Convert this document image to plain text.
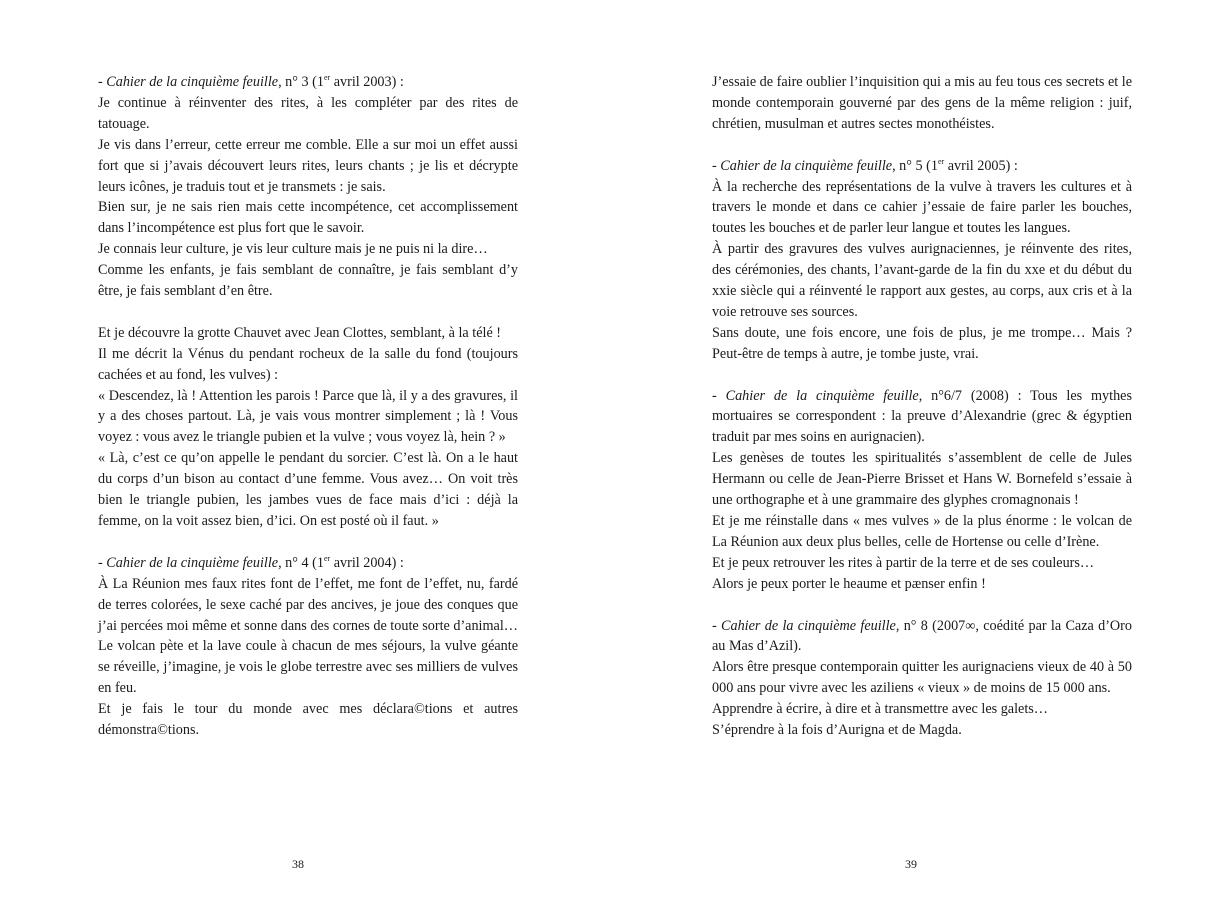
- Cahier de la cinquième feuille, n° 3 (1er avril 2003) :

Je continue à réinventer des rites, à les compléter par des rites de tatouage.

Je vis dans l’erreur, cette erreur me comble. Elle a sur moi un effet aussi fort que si j’avais découvert leurs rites, leurs chants ; je lis et décrypte leurs icônes, je traduis tout et je transmets : je sais.

Bien sur, je ne sais rien mais cette incompétence, cet accomplissement dans l’incompétence est plus fort que le savoir.

Je connais leur culture, je vis leur culture mais je ne puis ni la dire…

Comme les enfants, je fais semblant de connaître, je fais semblant d’y être, je fais semblant d’en être.

Et je découvre la grotte Chauvet avec Jean Clottes, semblant, à la télé !

Il me décrit la Vénus du pendant rocheux de la salle du fond (toujours cachées et au fond, les vulves) :

« Descendez, là ! Attention les parois ! Parce que là, il y a des gravures, il y a des choses partout. Là, je vais vous montrer simplement ; là ! Vous voyez : vous avez le triangle pubien et la vulve ; vous voyez là, hein ? »

« Là, c’est ce qu’on appelle le pendant du sorcier. C’est là. On a le haut du corps d’un bison au contact d’une femme. Vous avez… On voit très bien le triangle pubien, les jambes vues de face mais d’ici : déjà la femme, on la voit assez bien, d’ici. On est posté où il faut. »

- Cahier de la cinquième feuille, n° 4 (1er avril 2004) :

À La Réunion mes faux rites font de l’effet, me font de l’effet, nu, fardé de terres colorées, le sexe caché par des ancives, je joue des conques que j’ai percées moi même et sonne dans des cornes de toute sorte d’animal…

Le volcan pète et la lave coule à chacun de mes séjours, la vulve géante se réveille, j’imagine, je vois le globe terrestre avec ses milliers de vulves en feu.

Et je fais le tour du monde avec mes déclara©tions et autres démonstra©tions.

38

J’essaie de faire oublier l’inquisition qui a mis au feu tous ces secrets et le monde contemporain gouverné par des gens de la même religion : juif, chrétien, musulman et autres sectes monothéistes.

- Cahier de la cinquième feuille, n° 5 (1er avril 2005) :

À la recherche des représentations de la vulve à travers les cultures et à travers le monde et dans ce cahier j’essaie de faire parler les bouches, toutes les bouches et de parler leur langue et toutes les langues.

À partir des gravures des vulves aurignaciennes, je réinvente des rites, des cérémonies, des chants, l’avant-garde de la fin du xxe et du début du xxie siècle qui a réinventé le rapport aux gestes, au corps, aux cris et à la voie retrouve ses sources.

Sans doute, une fois encore, une fois de plus, je me trompe… Mais ? Peut-être de temps à autre, je tombe juste, vrai.

- Cahier de la cinquième feuille, n°6/7 (2008) : Tous les mythes mortuaires se correspondent : la preuve d’Alexandrie (grec & égyptien traduit par mes soins en aurignacien).

Les genèses de toutes les spiritualités s’assemblent de celle de Jules Hermann ou celle de Jean-Pierre Brisset et Hans W. Bornefeld s’essaie à une orthographe et à une grammaire des glyphes cromagnonais !

Et je me réinstalle dans « mes vulves » de la plus énorme : le volcan de La Réunion aux deux plus belles, celle de Hortense ou celle d’Irène.

Et je peux retrouver les rites à partir de la terre et de ses couleurs…

Alors je peux porter le heaume et pænser enfin !

- Cahier de la cinquième feuille, n° 8 (2007∞, coédité par la Caza d’Oro au Mas d’Azil).

Alors être presque contemporain quitter les aurignaciens vieux de 40 à 50 000 ans pour vivre avec les aziliens « vieux » de moins de 15 000 ans.

Apprendre à écrire, à dire et à transmettre avec les galets…

S’éprendre à la fois d’Aurigna et de Magda.

39
